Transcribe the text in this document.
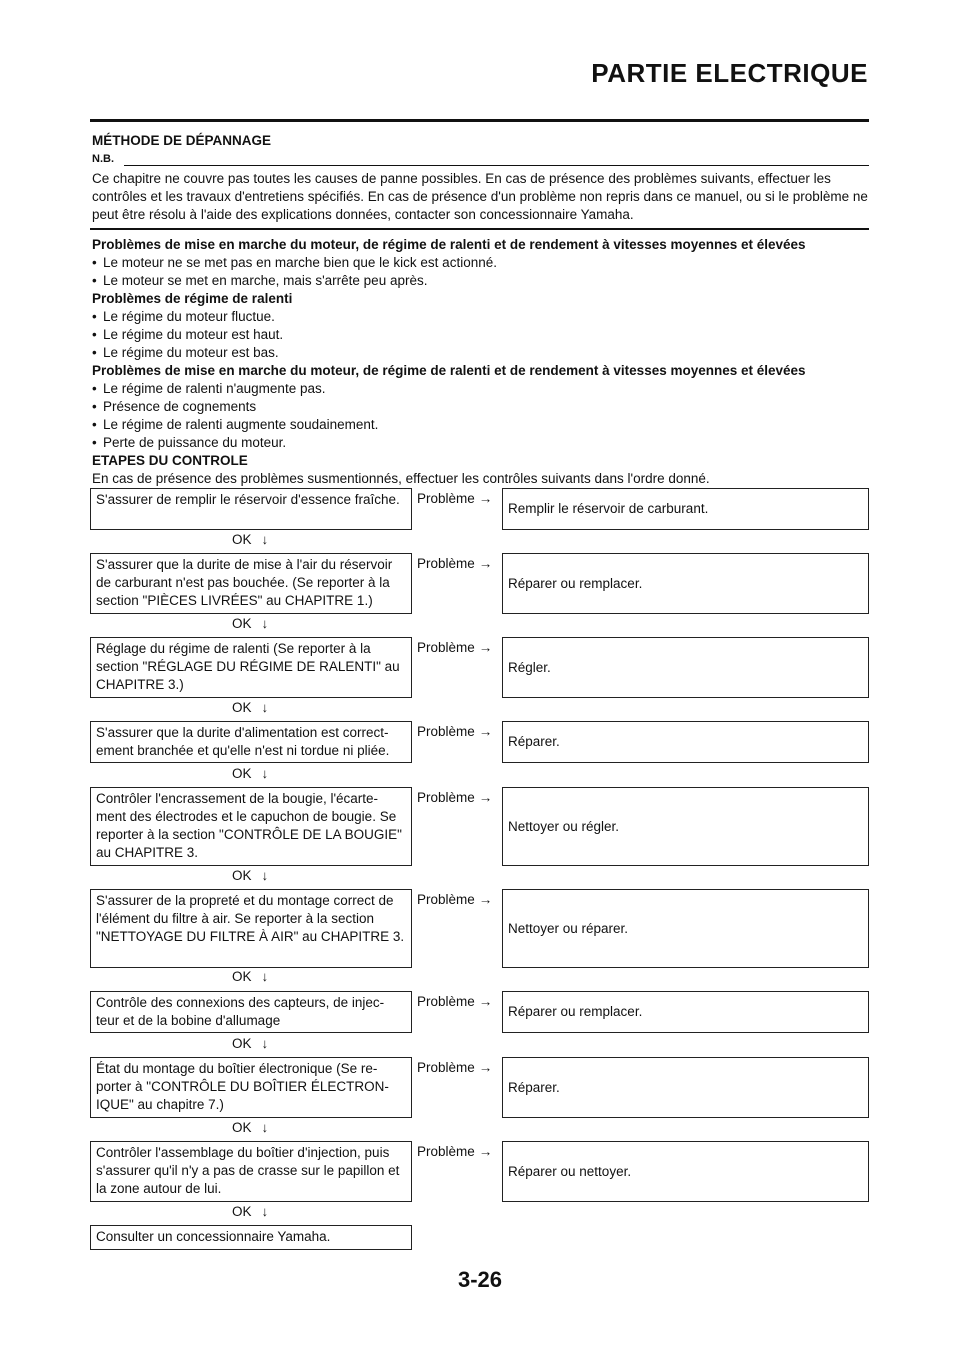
PARTIE ELECTRIQUE
MÉTHODE DE DÉPANNAGE
N.B.
Ce chapitre ne couvre pas toutes les causes de panne possibles. En cas de présence des problèmes suivants, effectuer les contrôles et les travaux d'entretiens spécifiés. En cas de présence d'un problème non repris dans ce manuel, ou si le problème ne peut être résolu à l'aide des explications données, contacter son concessionnaire Yamaha.
Problèmes de mise en marche du moteur, de régime de ralenti et de rendement à vitesses moyennes et élevées
• Le moteur ne se met pas en marche bien que le kick est actionné.
• Le moteur se met en marche, mais s'arrête peu après.
Problèmes de régime de ralenti
• Le régime du moteur fluctue.
• Le régime du moteur est haut.
• Le régime du moteur est bas.
Problèmes de mise en marche du moteur, de régime de ralenti et de rendement à vitesses moyennes et élevées
• Le régime de ralenti n'augmente pas.
• Présence de cognements
• Le régime de ralenti augmente soudainement.
• Perte de puissance du moteur.
ETAPES DU CONTROLE
En cas de présence des problèmes susmentionnés, effectuer les contrôles suivants dans l'ordre donné.
S'assurer de remplir le réservoir d'essence fraîche.	Problème →
Remplir le réservoir de carburant.
OK ↓
S'assurer que la durite de mise à l'air du réservoir de carburant n'est pas bouchée. (Se reporter à la section "PIÈCES LIVRÉES" au CHAPITRE 1.)
Problème →
Réparer ou remplacer.
OK ↓
Réglage du régime de ralenti (Se reporter à la section "RÉGLAGE DU RÉGIME DE RALENTI" au CHAPITRE 3.)
Problème →
Régler.
OK ↓
S'assurer que la durite d'alimentation est correct-ement branchée et qu'elle n'est ni tordue ni pliée.
Problème →
Réparer.
OK ↓
Contrôler l'encrassement de la bougie, l'écarte-ment des électrodes et le capuchon de bougie. Se reporter à la section "CONTRÔLE DE LA BOUGIE" au CHAPITRE 3.
Problème →
Nettoyer ou régler.
OK ↓
S'assurer de la propreté et du montage correct de l'élément du filtre à air. Se reporter à la section "NETTOYAGE DU FILTRE À AIR" au CHAPITRE 3.
Problème →
Nettoyer ou réparer.
OK ↓
Contrôle des connexions des capteurs, de injec-teur et de la bobine d'allumage
Problème →
Réparer ou remplacer.
OK ↓
État du montage du boîtier électronique (Se re-porter à "CONTRÔLE DU BOÎTIER ÉLECTRON-IQUE" au chapitre 7.)
Problème →
Réparer.
OK ↓
Contrôler l'assemblage du boîtier d'injection, puis s'assurer qu'il n'y a pas de crasse sur le papillon et la zone autour de lui.
Problème →
Réparer ou nettoyer.
OK ↓
Consulter un concessionnaire Yamaha.
3-26
